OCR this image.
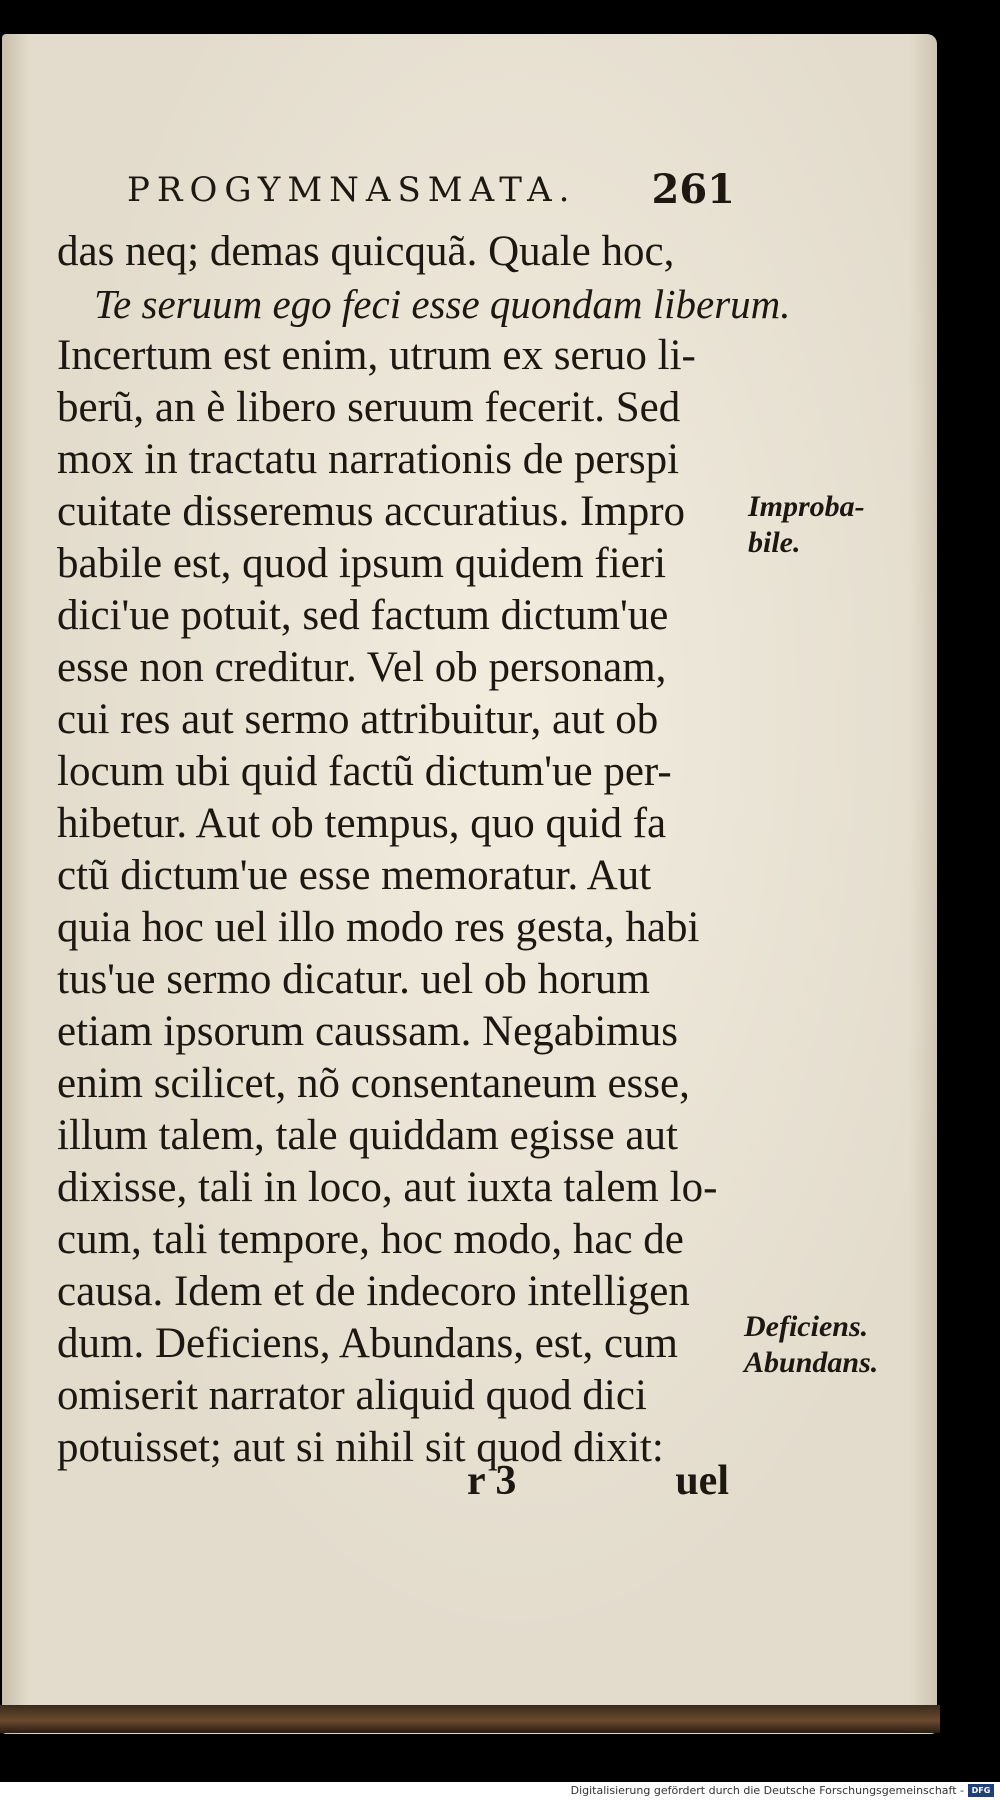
PROGYMNASMATA. 261
das neq; demas quicquã. Quale hoc,
Te seruum ego feci esse quondam liberum.
Incertum est enim, utrum ex seruo li-
berũ, an è libero seruum fecerit. Sed
mox in tractatu narrationis de perspi
cuitate disseremus accuratius. Impro
babile est, quod ipsum quidem fieri
dici'ue potuit, sed factum dictum'ue
esse non creditur. Vel ob personam,
cui res aut sermo attribuitur, aut ob
locum ubi quid factũ dictum'ue per-
hibetur. Aut ob tempus, quo quid fa
ctũ dictum'ue esse memoratur. Aut
quia hoc uel illo modo res gesta, habi
tus'ue sermo dicatur. uel ob horum
etiam ipsorum caussam. Negabimus
enim scilicet, nõ consentaneum esse,
illum talem, tale quiddam egisse aut
dixisse, tali in loco, aut iuxta talem lo-
cum, tali tempore, hoc modo, hac de
causa. Idem et de indecoro intelligen
dum. Deficiens, Abundans, est, cum
omiserit narrator aliquid quod dici
potuisset; aut si nihil sit quod dixit:
r 3	uel
Improba-
bile.
Deficiens.
Abundans.
Digitalisierung gefördert durch die Deutsche Forschungsgemeinschaft - DFG
